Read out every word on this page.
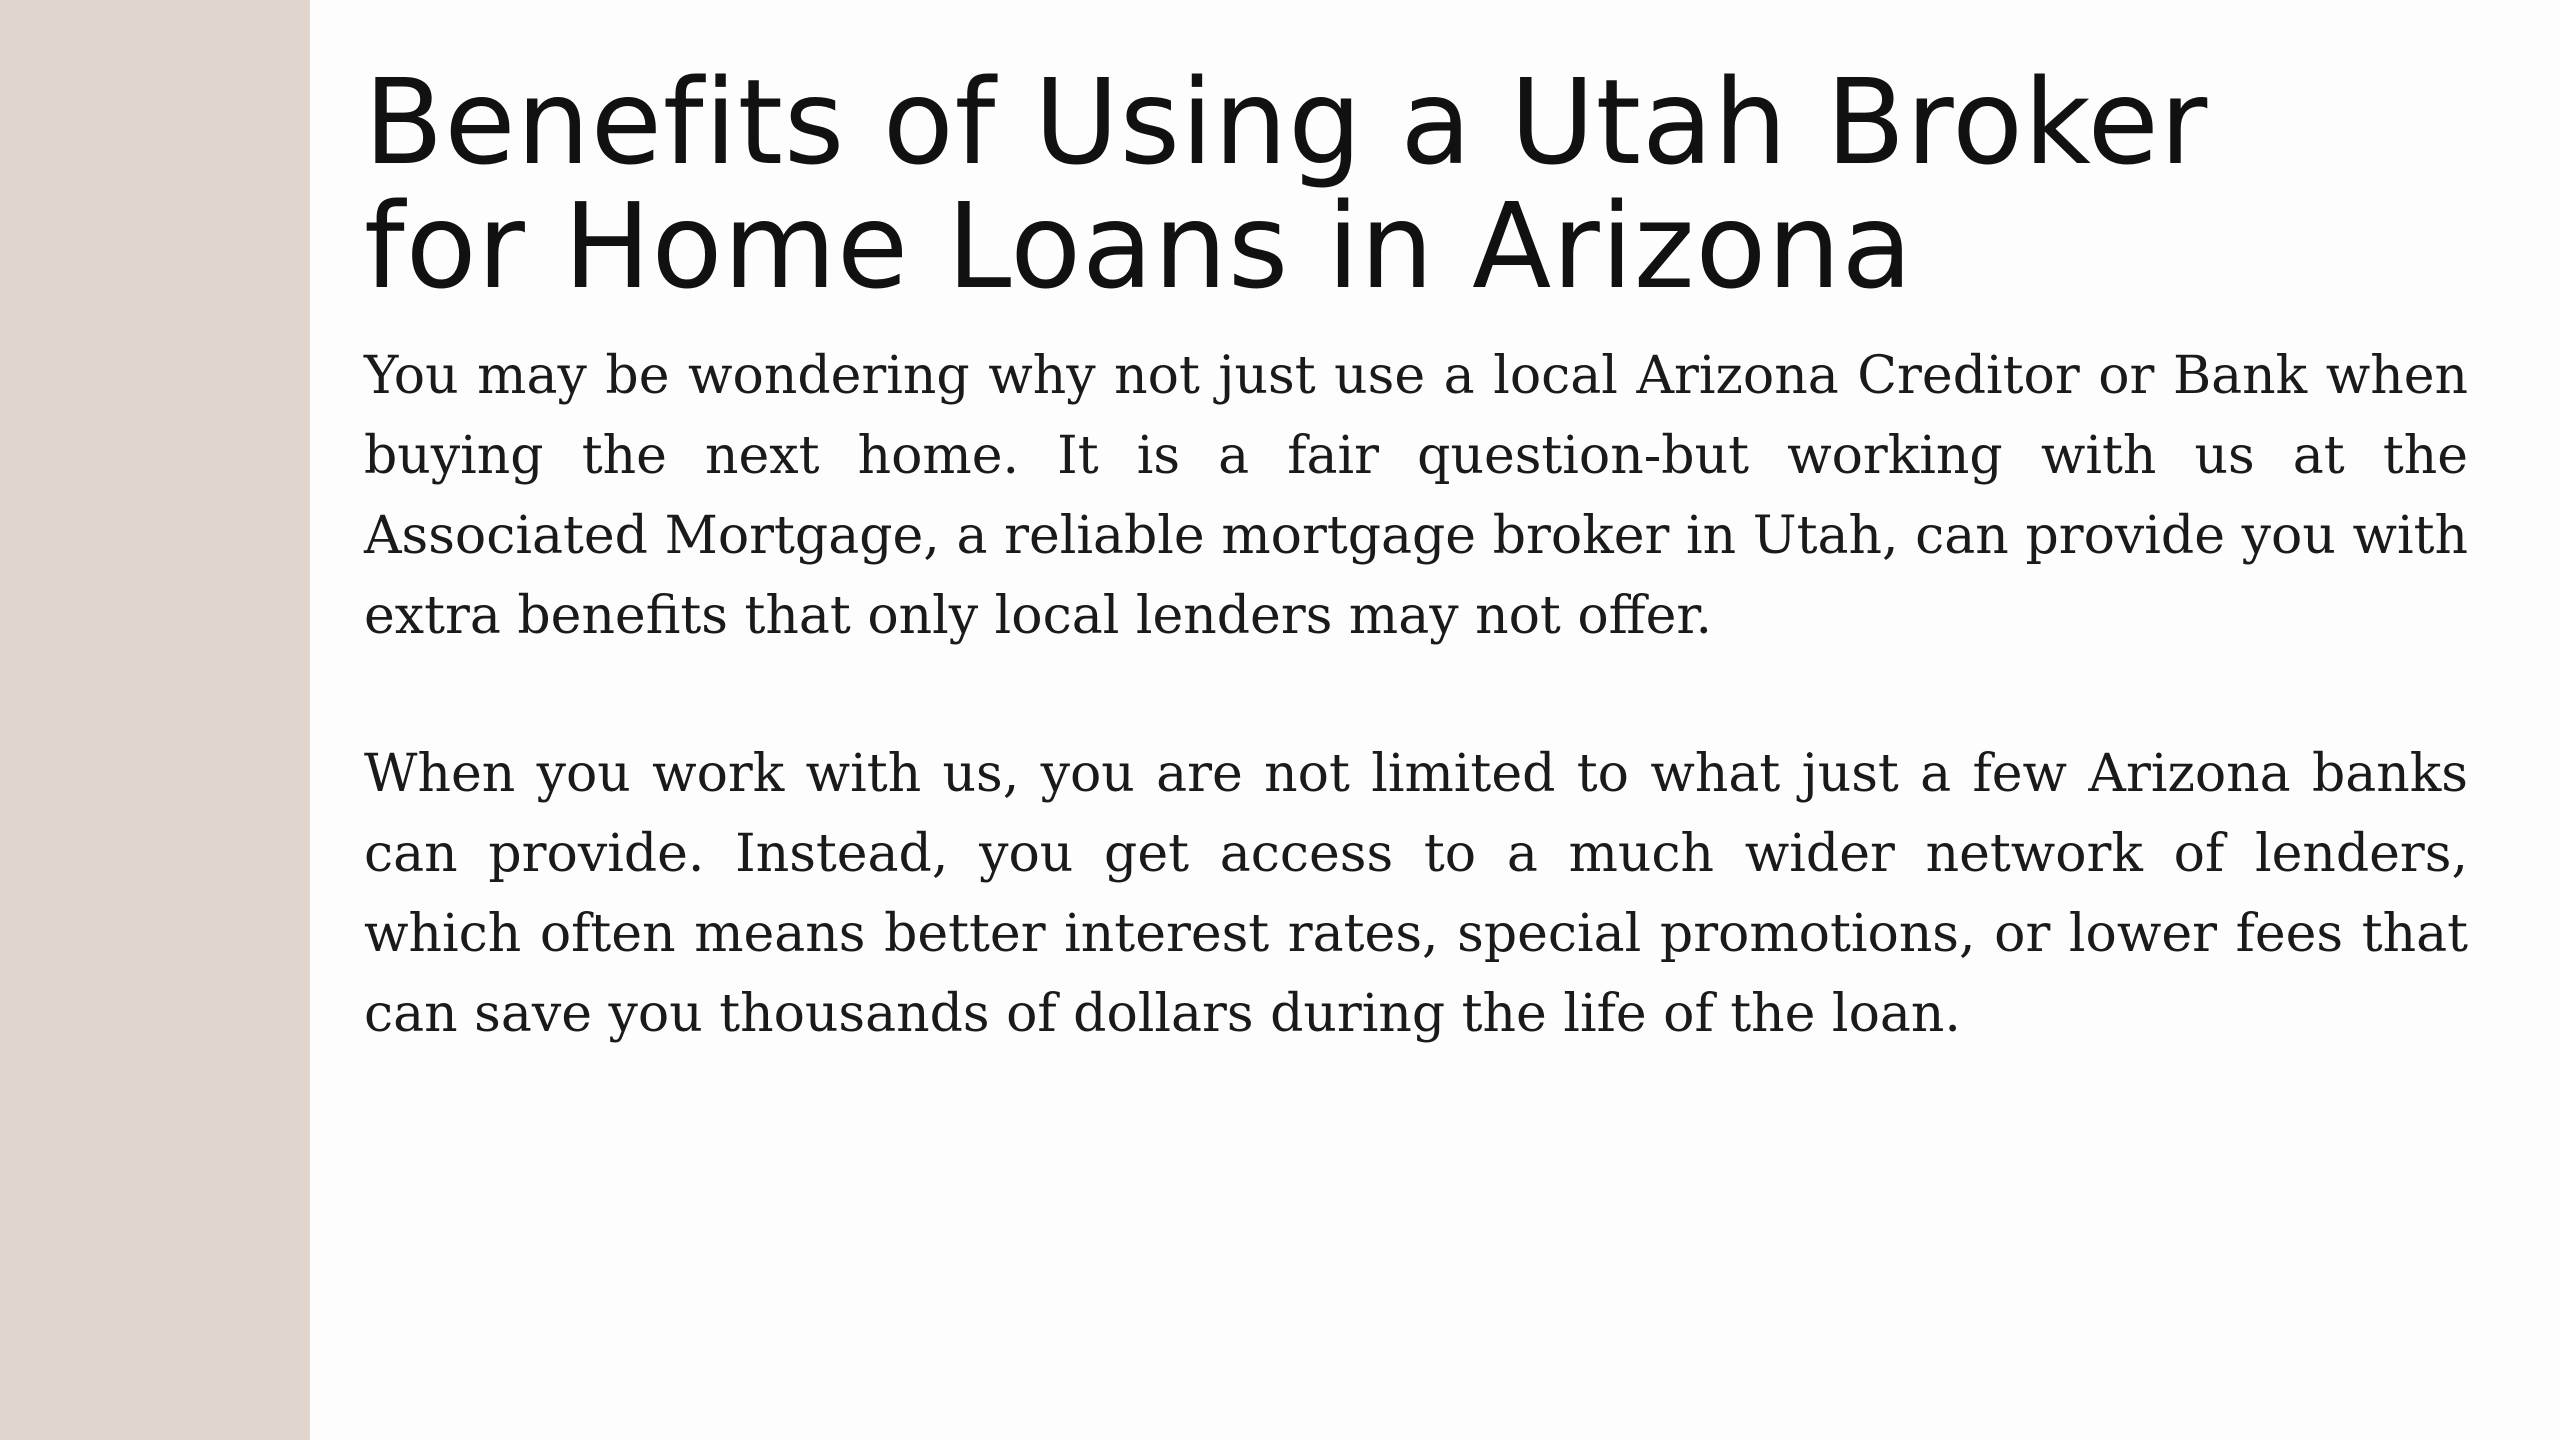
Benefits of Using a Utah Broker
for Home Loans in Arizona

You may be wondering why not just use a local Arizona Creditor or Bank when buying the next home. It is a fair question-but working with us at the Associated Mortgage, a reliable mortgage broker in Utah, can provide you with extra benefits that only local lenders may not offer.

When you work with us, you are not limited to what just a few Arizona banks can provide. Instead, you get access to a much wider network of lenders, which often means better interest rates, special promotions, or lower fees that can save you thousands of dollars during the life of the loan.
